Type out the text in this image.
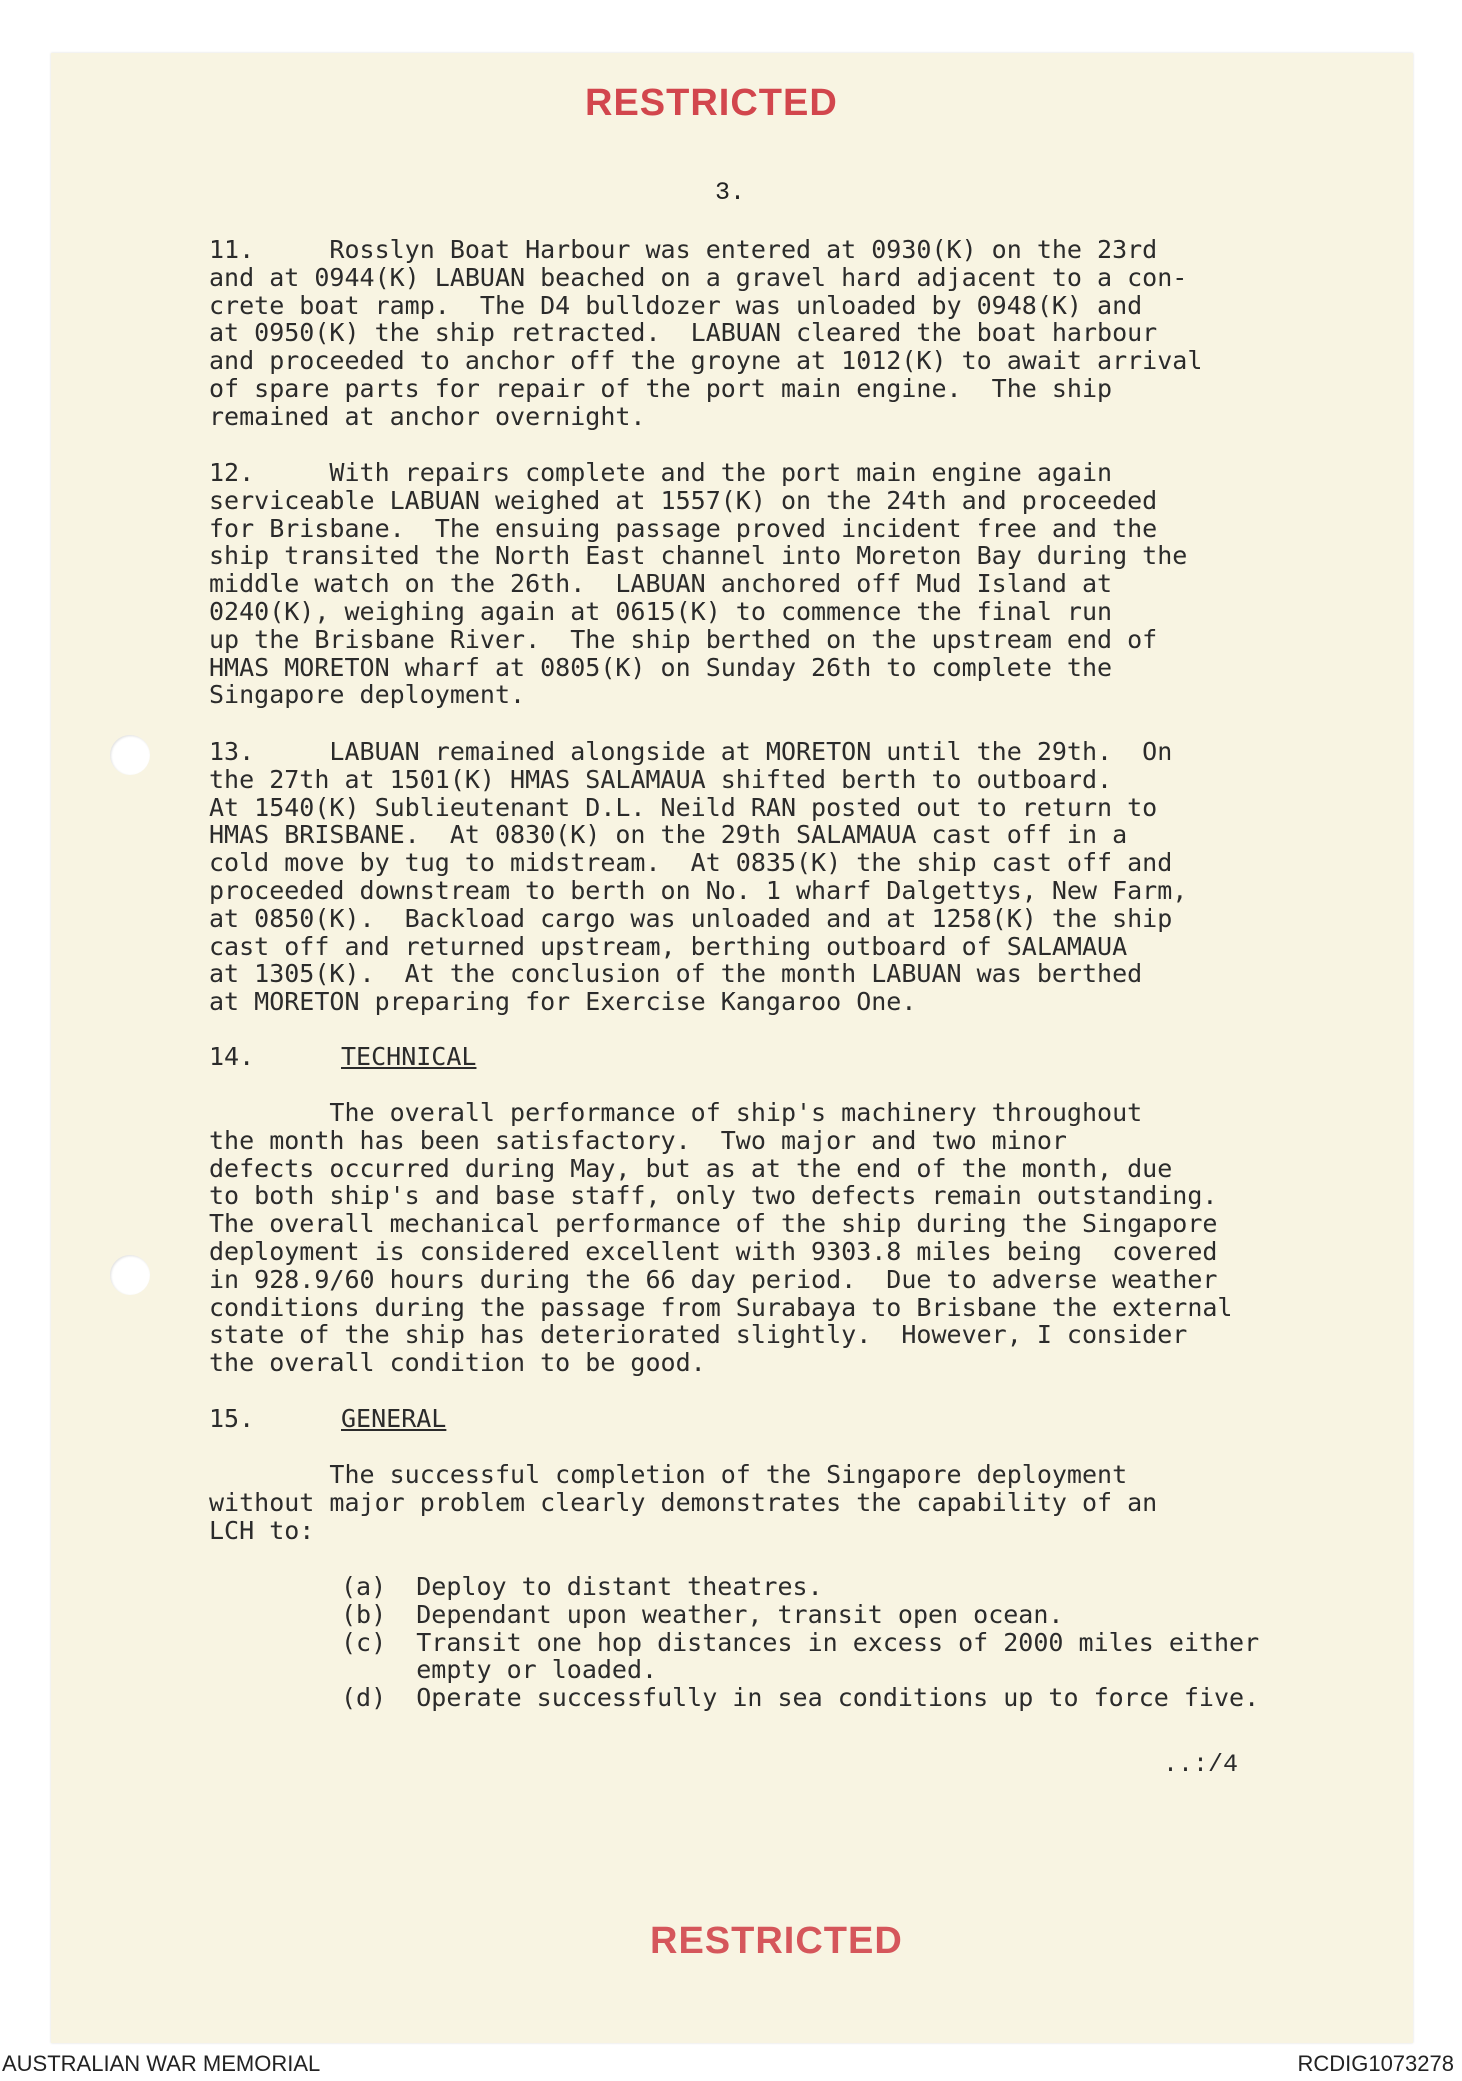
RESTRICTED
3.
11.     Rosslyn Boat Harbour was entered at 0930(K) on the 23rd
and at 0944(K) LABUAN beached on a gravel hard adjacent to a con-
crete boat ramp.  The D4 bulldozer was unloaded by 0948(K) and
at 0950(K) the ship retracted.  LABUAN cleared the boat harbour
and proceeded to anchor off the groyne at 1012(K) to await arrival
of spare parts for repair of the port main engine.  The ship
remained at anchor overnight.
12.     With repairs complete and the port main engine again
serviceable LABUAN weighed at 1557(K) on the 24th and proceeded
for Brisbane.  The ensuing passage proved incident free and the
ship transited the North East channel into Moreton Bay during the
middle watch on the 26th.  LABUAN anchored off Mud Island at
0240(K), weighing again at 0615(K) to commence the final run
up the Brisbane River.  The ship berthed on the upstream end of
HMAS MORETON wharf at 0805(K) on Sunday 26th to complete the
Singapore deployment.
13.     LABUAN remained alongside at MORETON until the 29th.  On
the 27th at 1501(K) HMAS SALAMAUA shifted berth to outboard.
At 1540(K) Sublieutenant D.L. Neild RAN posted out to return to
HMAS BRISBANE.  At 0830(K) on the 29th SALAMAUA cast off in a
cold move by tug to midstream.  At 0835(K) the ship cast off and
proceeded downstream to berth on No. 1 wharf Dalgettys, New Farm,
at 0850(K).  Backload cargo was unloaded and at 1258(K) the ship
cast off and returned upstream, berthing outboard of SALAMAUA
at 1305(K).  At the conclusion of the month LABUAN was berthed
at MORETON preparing for Exercise Kangaroo One.
14.	TECHNICAL
The overall performance of ship's machinery throughout
the month has been satisfactory.  Two major and two minor
defects occurred during May, but as at the end of the month, due
to both ship's and base staff, only two defects remain outstanding.
The overall mechanical performance of the ship during the Singapore
deployment is considered excellent with 9303.8 miles being  covered
in 928.9/60 hours during the 66 day period.  Due to adverse weather
conditions during the passage from Surabaya to Brisbane the external
state of the ship has deteriorated slightly.  However, I consider
the overall condition to be good.
15.	GENERAL
The successful completion of the Singapore deployment
without major problem clearly demonstrates the capability of an
LCH to:
(a)  Deploy to distant theatres.
(b)  Dependant upon weather, transit open ocean.
(c)  Transit one hop distances in excess of 2000 miles either
empty or loaded.
(d)  Operate successfully in sea conditions up to force five.
..:/4
RESTRICTED
AUSTRALIAN WAR MEMORIAL	RCDIG1073278
